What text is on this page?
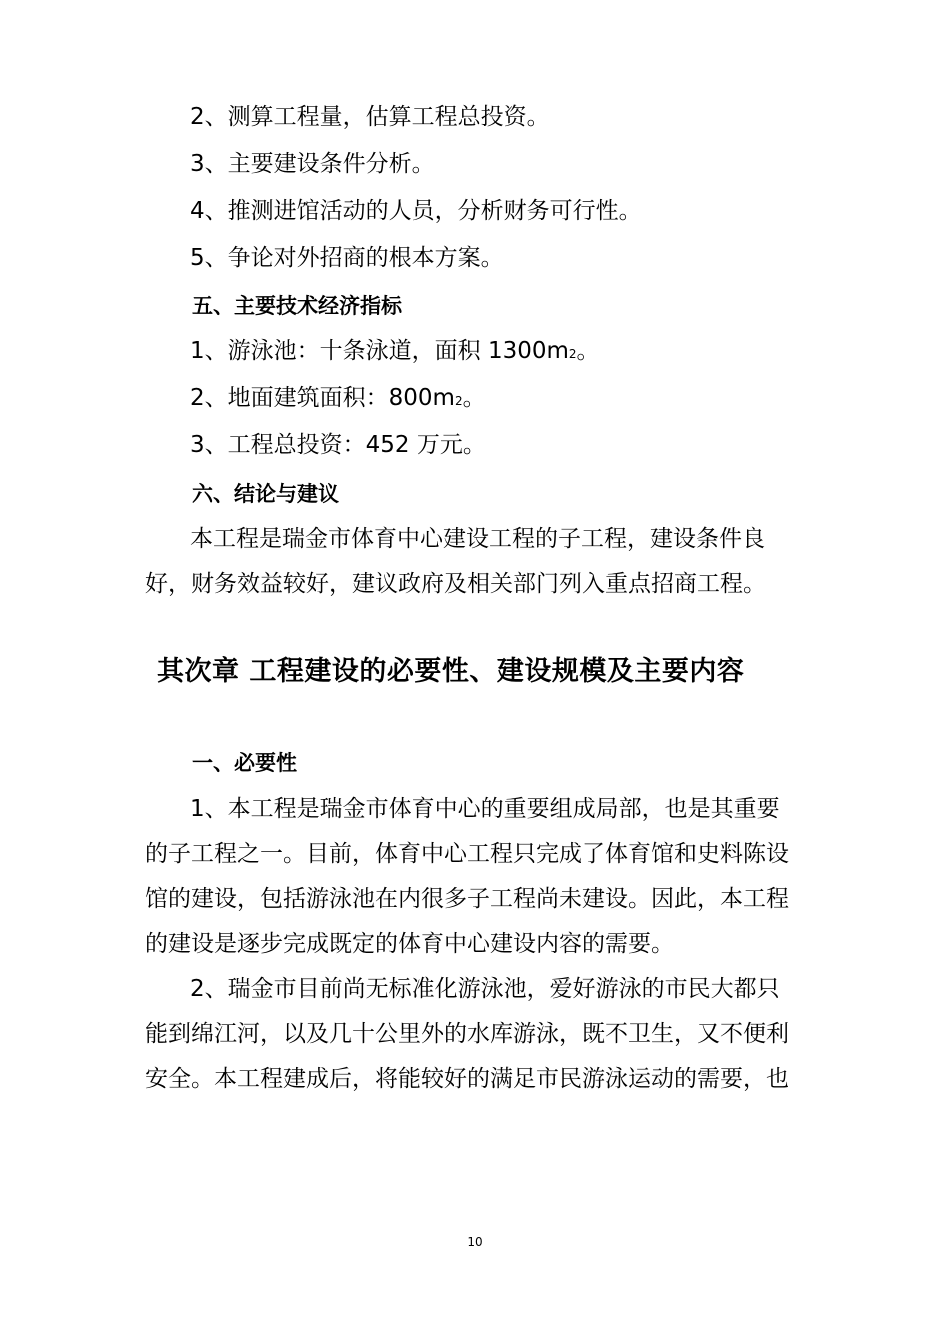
2、测算工程量，估算工程总投资。
3、主要建设条件分析。
4、推测进馆活动的人员，分析财务可行性。
5、争论对外招商的根本方案。
五、主要技术经济指标
1、游泳池：十条泳道，面积 1300m2。
2、地面建筑面积：800m2。
3、工程总投资：452 万元。
六、结论与建议
本工程是瑞金市体育中心建设工程的子工程，建设条件良
好，财务效益较好，建议政府及相关部门列入重点招商工程。
其次章 工程建设的必要性、建设规模及主要内容
一、必要性
1、本工程是瑞金市体育中心的重要组成局部，也是其重要
的子工程之一。目前，体育中心工程只完成了体育馆和史料陈设
馆的建设，包括游泳池在内很多子工程尚未建设。因此，本工程
的建设是逐步完成既定的体育中心建设内容的需要。
2、瑞金市目前尚无标准化游泳池，爱好游泳的市民大都只
能到绵江河，以及几十公里外的水库游泳，既不卫生，又不便利
安全。本工程建成后，将能较好的满足市民游泳运动的需要，也
10
